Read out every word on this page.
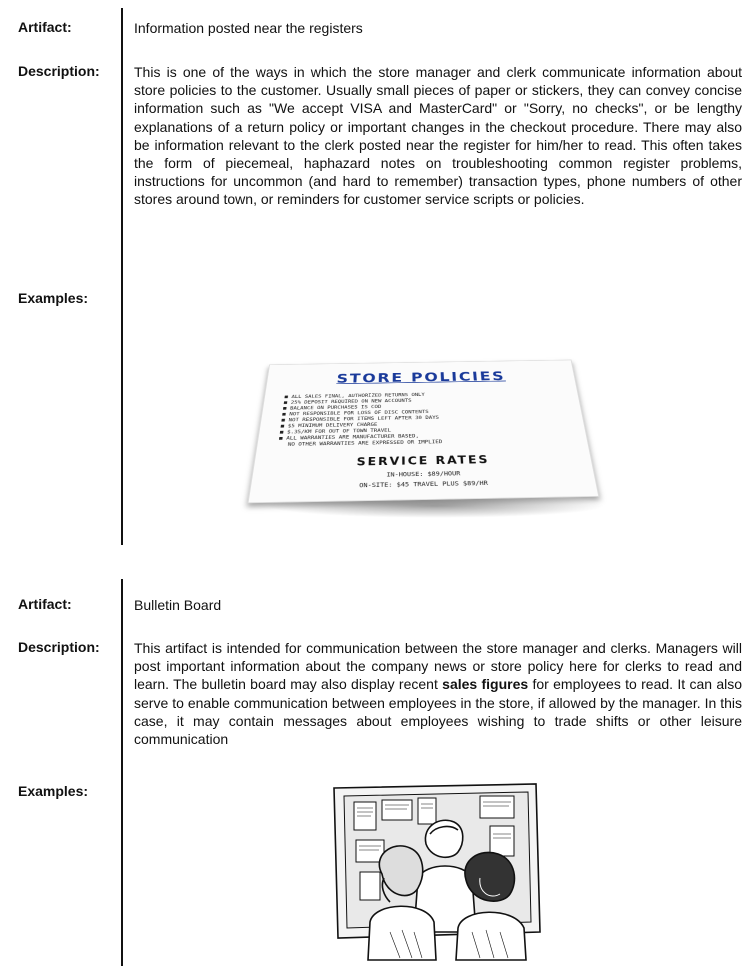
Artifact:	Information posted near the registers
Description: This is one of the ways in which the store manager and clerk communicate information about store policies to the customer. Usually small pieces of paper or stickers, they can convey concise information such as "We accept VISA and MasterCard" or "Sorry, no checks", or be lengthy explanations of a return policy or important changes in the checkout procedure. There may also be information relevant to the clerk posted near the register for him/her to read. This often takes the form of piecemeal, haphazard notes on troubleshooting common register problems, instructions for uncommon (and hard to remember) transaction types, phone numbers of other stores around town, or reminders for customer service scripts or policies.
Examples:
STORE POLICIES
■ ALL SALES FINAL, AUTHORIZED RETURNS ONLY
■ 25% DEPOSIT REQUIRED ON NEW ACCOUNTS
■ BALANCE ON PURCHASES IS COD
■ NOT RESPONSIBLE FOR LOSS OF DISC CONTENTS
■ NOT RESPONSIBLE FOR ITEMS LEFT AFTER 30 DAYS
■ $5 MINIMUM DELIVERY CHARGE
■ $.35/KM FOR OUT OF TOWN TRAVEL
■ ALL WARRANTIES ARE MANUFACTURER BASED,
NO OTHER WARRANTIES ARE EXPRESSED OR IMPLIED
SERVICE RATES
IN-HOUSE: $89/HOUR
ON-SITE: $45 TRAVEL PLUS $89/HR
Artifact:	Bulletin Board
Description: This artifact is intended for communication between the store manager and clerks. Managers will post important information about the company news or store policy here for clerks to read and learn. The bulletin board may also display recent sales figures for employees to read. It can also serve to enable communication between employees in the store, if allowed by the manager. In this case, it may contain messages about employees wishing to trade shifts or other leisure communication
Examples:
